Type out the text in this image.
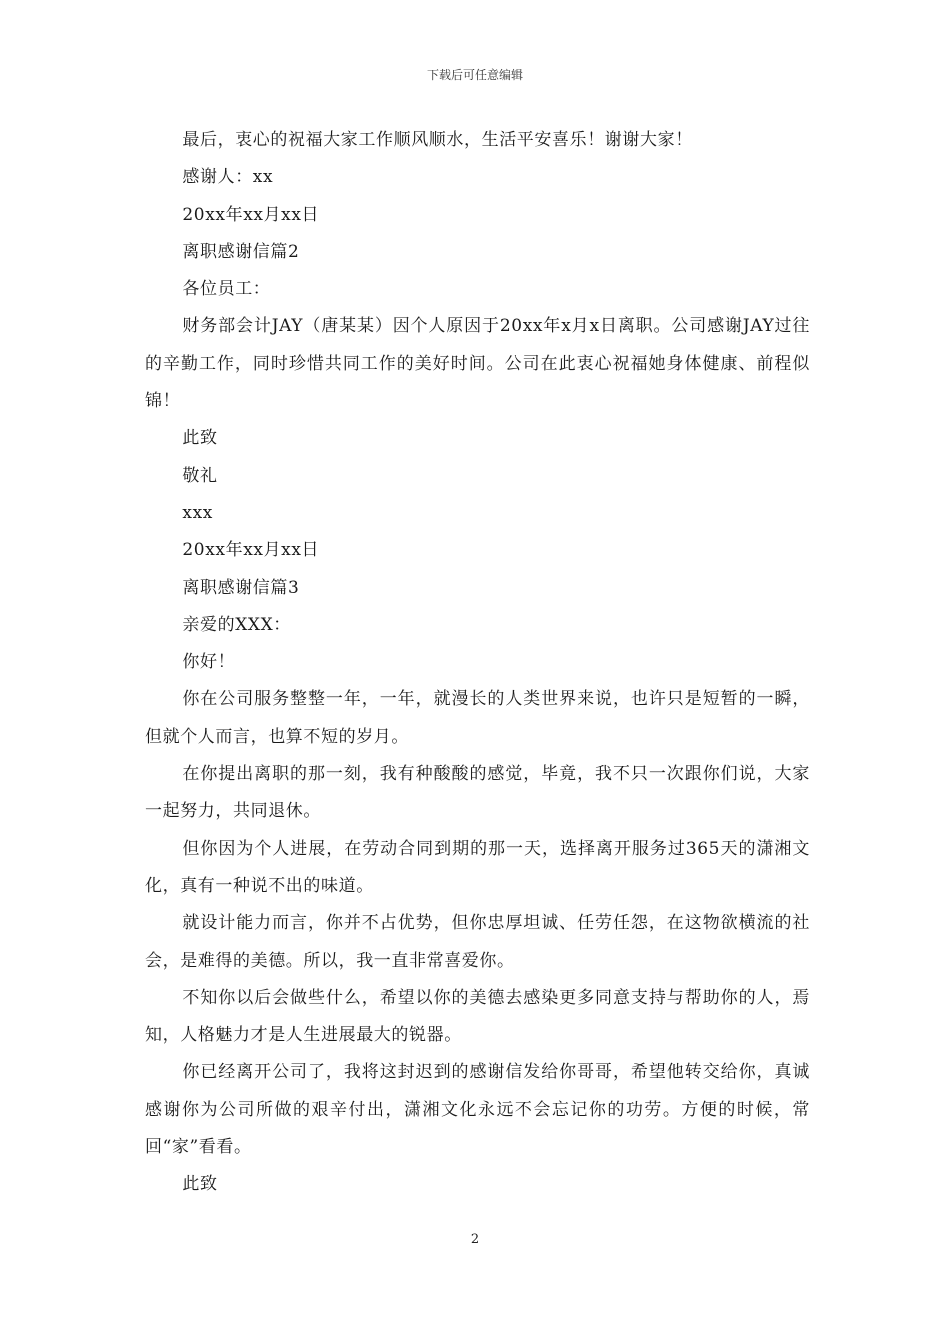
下载后可任意编辑

最后，衷心的祝福大家工作顺风顺水，生活平安喜乐！谢谢大家！

感谢人：xx

20xx年xx月xx日

离职感谢信篇2

各位员工：

财务部会计JAY（唐某某）因个人原因于20xx年x月x日离职。公司感谢JAY过往的辛勤工作，同时珍惜共同工作的美好时间。公司在此衷心祝福她身体健康、前程似锦！

此致

敬礼

xxx

20xx年xx月xx日

离职感谢信篇3

亲爱的XXX：

你好！

你在公司服务整整一年，一年，就漫长的人类世界来说，也许只是短暂的一瞬，但就个人而言，也算不短的岁月。

在你提出离职的那一刻，我有种酸酸的感觉，毕竟，我不只一次跟你们说，大家一起努力，共同退休。

但你因为个人进展，在劳动合同到期的那一天，选择离开服务过365天的潇湘文化，真有一种说不出的味道。

就设计能力而言，你并不占优势，但你忠厚坦诚、任劳任怨，在这物欲横流的社会，是难得的美德。所以，我一直非常喜爱你。

不知你以后会做些什么，希望以你的美德去感染更多同意支持与帮助你的人，焉知，人格魅力才是人生进展最大的锐器。

你已经离开公司了，我将这封迟到的感谢信发给你哥哥，希望他转交给你，真诚感谢你为公司所做的艰辛付出，潇湘文化永远不会忘记你的功劳。方便的时候，常回“家”看看。

此致

2
